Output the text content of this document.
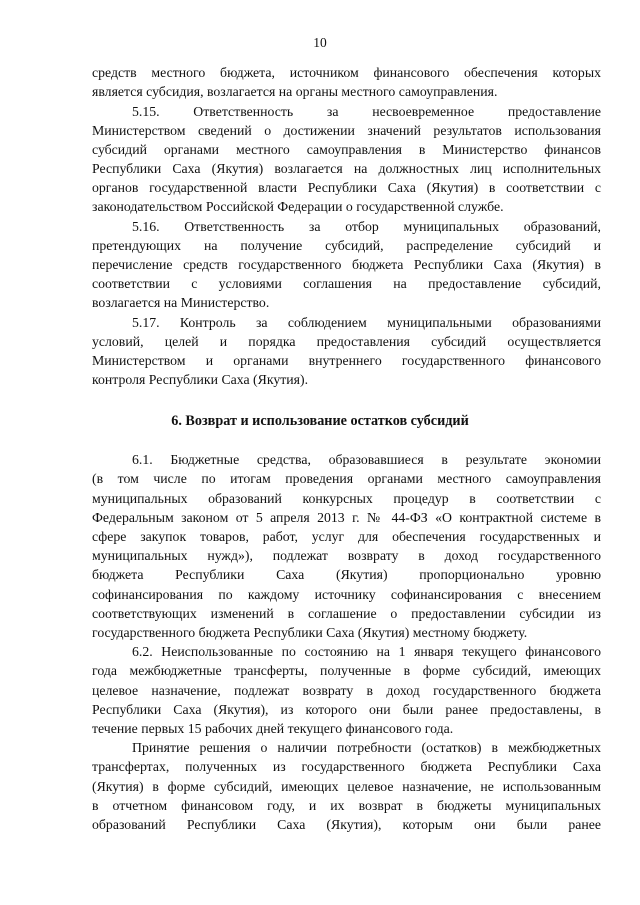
10
средств местного бюджета, источником финансового обеспечения которых
является субсидия, возлагается на органы местного самоуправления.
5.15. Ответственность за несвоевременное предоставление
Министерством сведений о достижении значений результатов использования
субсидий органами местного самоуправления в Министерство финансов
Республики Саха (Якутия) возлагается на должностных лиц исполнительных
органов государственной власти Республики Саха (Якутия) в соответствии с
законодательством Российской Федерации о государственной службе.
5.16. Ответственность за отбор муниципальных образований,
претендующих на получение субсидий, распределение субсидий и
перечисление средств государственного бюджета Республики Саха (Якутия) в
соответствии с условиями соглашения на предоставление субсидий,
возлагается на Министерство.
5.17. Контроль за соблюдением муниципальными образованиями
условий, целей и порядка предоставления субсидий осуществляется
Министерством и органами внутреннего государственного финансового
контроля Республики Саха (Якутия).
6. Возврат и использование остатков субсидий
6.1. Бюджетные средства, образовавшиеся в результате экономии
(в том числе по итогам проведения органами местного самоуправления
муниципальных образований конкурсных процедур в соответствии с
Федеральным законом от 5 апреля 2013 г. № 44-ФЗ «О контрактной системе в
сфере закупок товаров, работ, услуг для обеспечения государственных и
муниципальных нужд»), подлежат возврату в доход государственного
бюджета Республики Саха (Якутия) пропорционально уровню
софинансирования по каждому источнику софинансирования с внесением
соответствующих изменений в соглашение о предоставлении субсидии из
государственного бюджета Республики Саха (Якутия) местному бюджету.
6.2. Неиспользованные по состоянию на 1 января текущего финансового
года межбюджетные трансферты, полученные в форме субсидий, имеющих
целевое назначение, подлежат возврату в доход государственного бюджета
Республики Саха (Якутия), из которого они были ранее предоставлены, в
течение первых 15 рабочих дней текущего финансового года.
Принятие решения о наличии потребности (остатков) в межбюджетных
трансфертах, полученных из государственного бюджета Республики Саха
(Якутия) в форме субсидий, имеющих целевое назначение, не использованным
в отчетном финансовом году, и их возврат в бюджеты муниципальных
образований Республики Саха (Якутия), которым они были ранее
